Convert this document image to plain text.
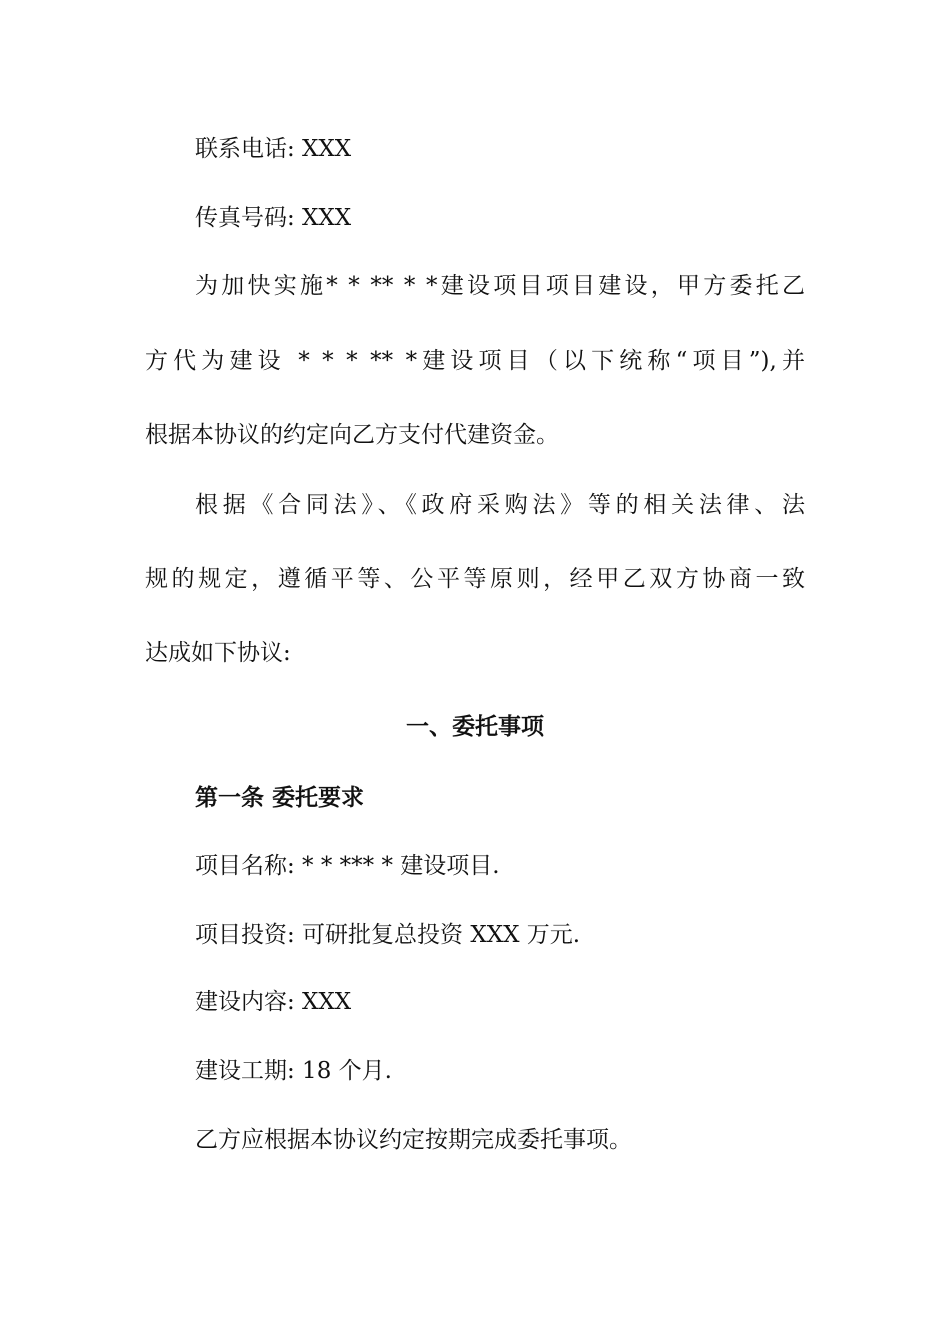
联系电话: XXX
传真号码: XXX
为加快实施* * ** * *建设项目项目建设，甲方委托乙
方代为建设 * * * ** *建设项目（以下统称“项目”),并
根据本协议的约定向乙方支付代建资金。
根据《合同法》、《政府采购法》等的相关法律、法
规的规定，遵循平等、公平等原则，经甲乙双方协商一致
达成如下协议:
一、委托事项
第一条 委托要求
项目名称: * * *** * 建设项目.
项目投资: 可研批复总投资 XXX 万元.
建设内容: XXX
建设工期: 18 个月.
乙方应根据本协议约定按期完成委托事项。
